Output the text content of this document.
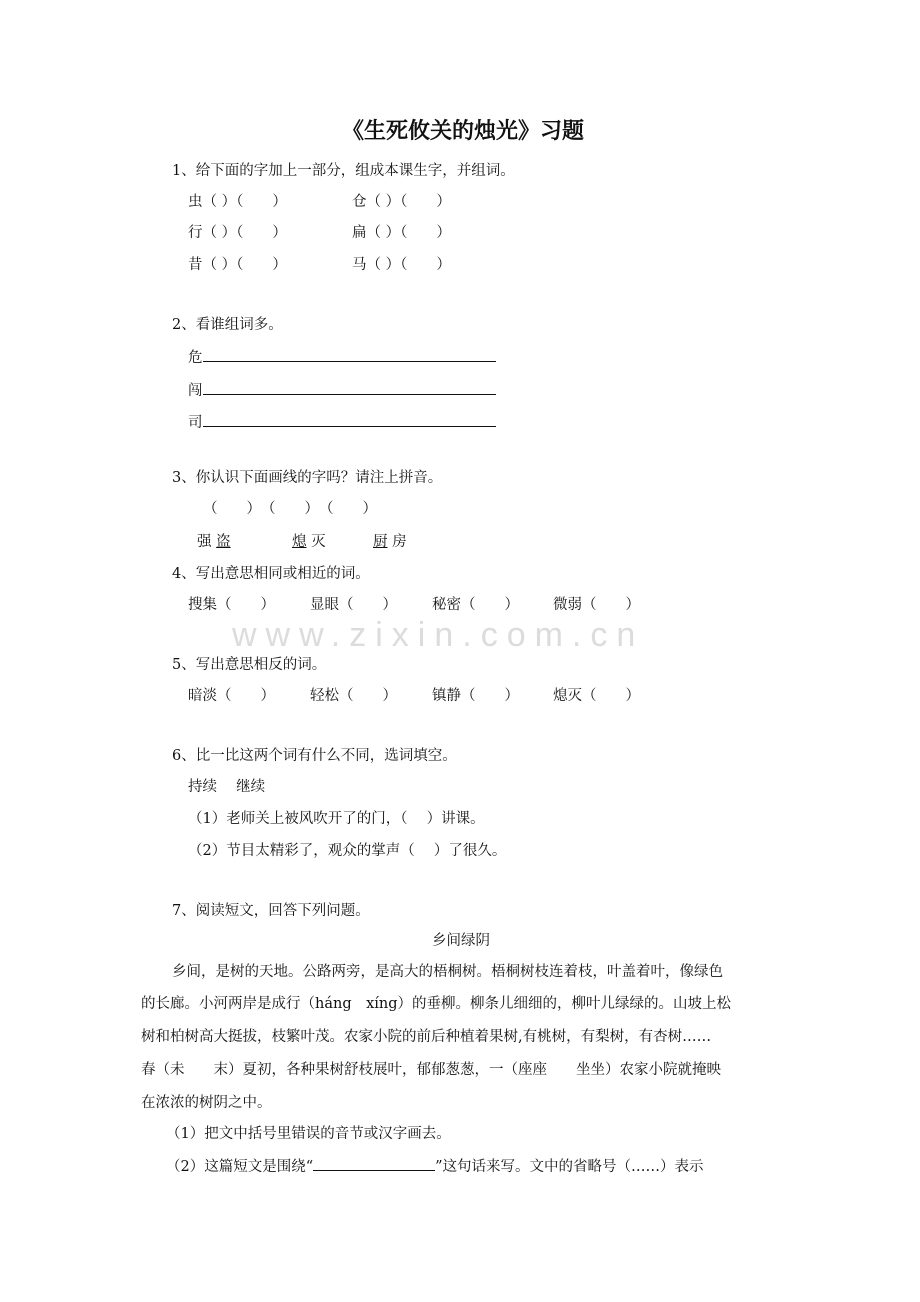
《生死攸关的烛光》习题
www.zixin.com.cn
1、给下面的字加上一部分，组成本课生字，并组词。
虫（ ）（　　）	仓（ ）（　　）
行（ ）（　　）	扁（ ）（　　）
昔（ ）（　　）	马（ ）（　　）
2、看谁组词多。
危
闯
司
3、你认识下面画线的字吗？请注上拼音。
（　　）　（　　）　（　　）
强 盗	熄 灭	厨 房
4、写出意思相同或相近的词。
搜集（　　） 显眼（　　） 秘密（　　） 微弱（　　）
5、写出意思相反的词。
暗淡（　　） 轻松（　　） 镇静（　　） 熄灭（　　）
6、比一比这两个词有什么不同，选词填空。
持续　 继续
（1）老师关上被风吹开了的门，（　 ）讲课。
（2）节目太精彩了，观众的掌声（　 ）了很久。
7、阅读短文，回答下列问题。
乡间绿阴
乡间，是树的天地。公路两旁，是高大的梧桐树。梧桐树枝连着枝，叶盖着叶，像绿色
的长廊。小河两岸是成行（háng　xíng）的垂柳。柳条儿细细的，柳叶儿绿绿的。山坡上松
树和柏树高大挺拔，枝繁叶茂。农家小院的前后种植着果树,有桃树，有梨树，有杏树……
春（未　　末）夏初，各种果树舒枝展叶，郁郁葱葱，一（座座　　坐坐）农家小院就掩映
在浓浓的树阴之中。
（1）把文中括号里错误的音节或汉字画去。
（2）这篇短文是围绕“	”这句话来写。文中的省略号（……）表示
